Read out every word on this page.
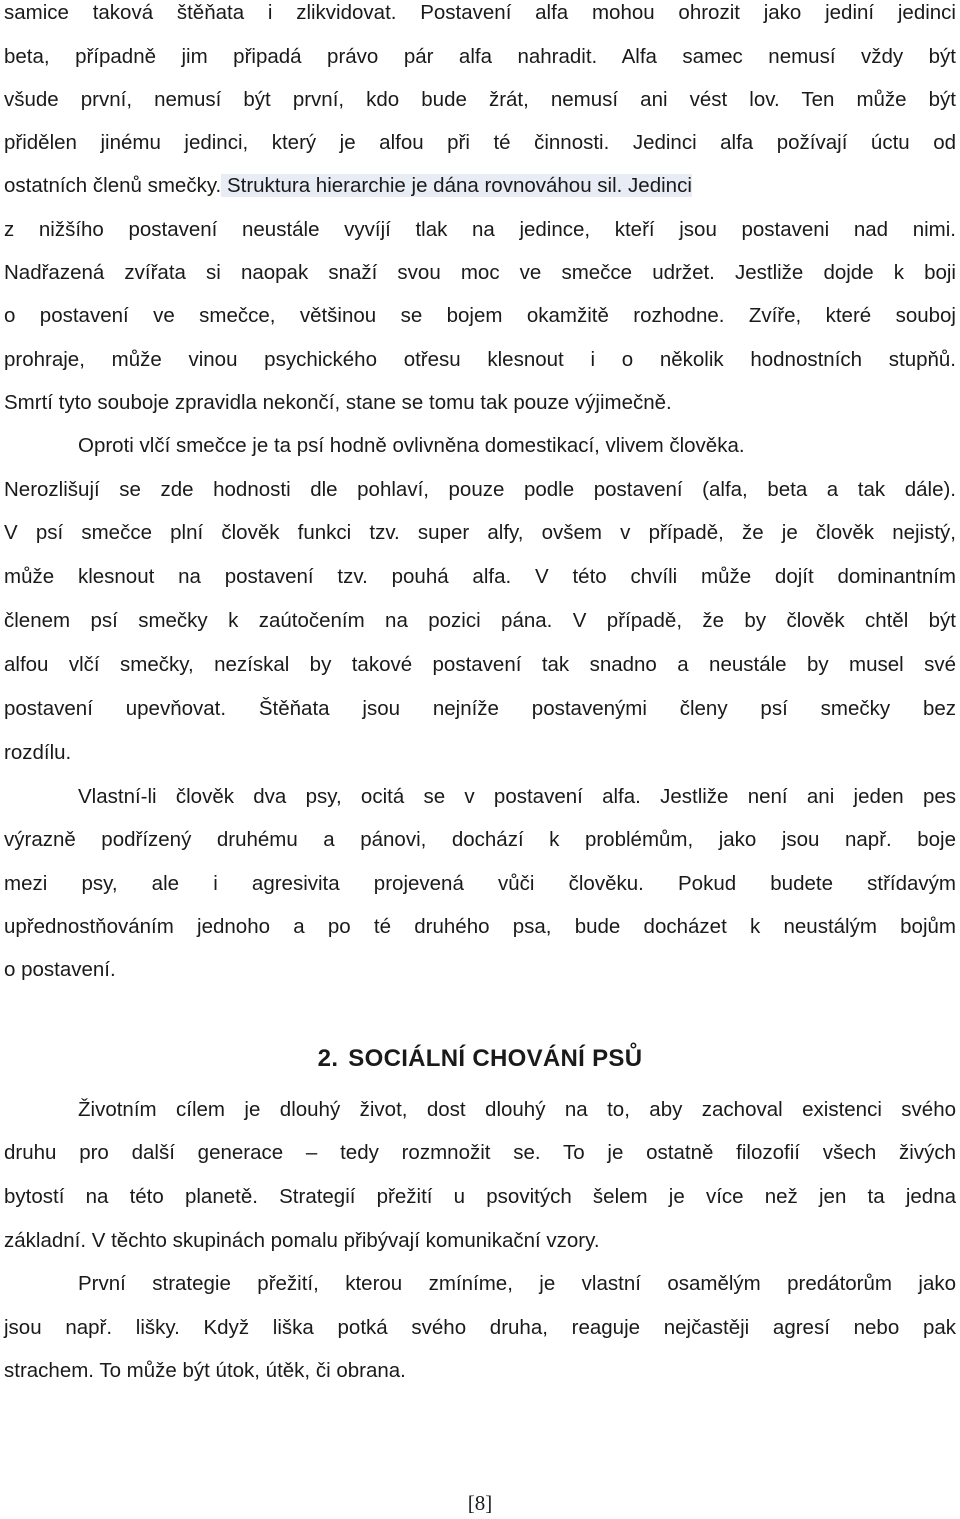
samice taková štěňata i zlikvidovat. Postavení alfa mohou ohrozit jako jediní jedinci
beta, případně jim připadá právo pár alfa nahradit. Alfa samec nemusí vždy být
všude první, nemusí být první, kdo bude žrát, nemusí ani vést lov. Ten může být
přidělen jinému jedinci, který je alfou při té činnosti. Jedinci alfa požívají úctu od
ostatních členů smečky. Struktura hierarchie je dána rovnováhou sil. Jedinci
z nižšího postavení neustále vyvíjí tlak na jedince, kteří jsou postaveni nad nimi.
Nadřazená zvířata si naopak snaží svou moc ve smečce udržet. Jestliže dojde k boji
o postavení ve smečce, většinou se bojem okamžitě rozhodne. Zvíře, které souboj
prohraje, může vinou psychického otřesu klesnout i o několik hodnostních stupňů.
Smrtí tyto souboje zpravidla nekončí, stane se tomu tak pouze výjimečně.
Oproti vlčí smečce je ta psí hodně ovlivněna domestikací, vlivem člověka.
Nerozlišují se zde hodnosti dle pohlaví, pouze podle postavení (alfa, beta a tak dále).
V psí smečce plní člověk funkci tzv. super alfy, ovšem v případě, že je člověk nejistý,
může klesnout na postavení tzv. pouhá alfa. V této chvíli může dojít dominantním
členem psí smečky k zaútočením na pozici pána. V případě, že by člověk chtěl být
alfou vlčí smečky, nezískal by takové postavení tak snadno a neustále by musel své
postavení upevňovat. Štěňata jsou nejníže postavenými členy psí smečky bez
rozdílu.
Vlastní-li člověk dva psy, ocitá se v postavení alfa. Jestliže není ani jeden pes
výrazně podřízený druhému a pánovi, dochází k problémům, jako jsou např. boje
mezi psy, ale i agresivita projevená vůči člověku. Pokud budete střídavým
upřednostňováním jednoho a po té druhého psa, bude docházet k neustálým bojům
o postavení.
2. SOCIÁLNÍ CHOVÁNÍ PSŮ
Životním cílem je dlouhý život, dost dlouhý na to, aby zachoval existenci svého
druhu pro další generace – tedy rozmnožit se. To je ostatně filozofií všech živých
bytostí na této planetě. Strategií přežití u psovitých šelem je více než jen ta jedna
základní. V těchto skupinách pomalu přibývají komunikační vzory.
První strategie přežití, kterou zmíníme, je vlastní osamělým predátorům jako
jsou např. lišky. Když liška potká svého druha, reaguje nejčastěji agresí nebo pak
strachem. To může být útok, útěk, či obrana.
[8]
